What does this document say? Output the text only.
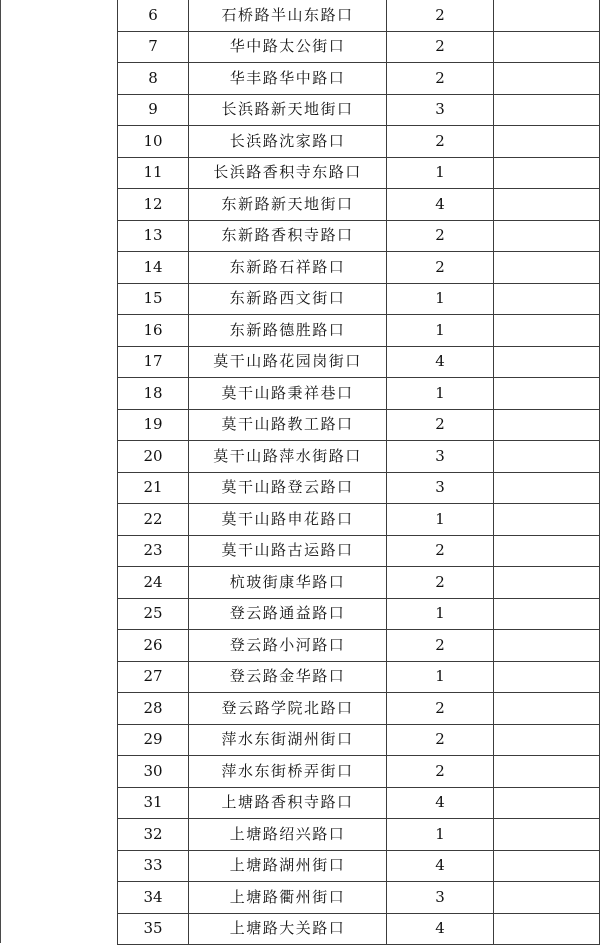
6	石桥路半山东路口	2	
7	华中路太公街口	2	
8	华丰路华中路口	2	
9	长浜路新天地街口	3	
10	长浜路沈家路口	2	
11	长浜路香积寺东路口	1	
12	东新路新天地街口	4	
13	东新路香积寺路口	2	
14	东新路石祥路口	2	
15	东新路西文街口	1	
16	东新路德胜路口	1	
17	莫干山路花园岗街口	4	
18	莫干山路秉祥巷口	1	
19	莫干山路教工路口	2	
20	莫干山路萍水街路口	3	
21	莫干山路登云路口	3	
22	莫干山路申花路口	1	
23	莫干山路古运路口	2	
24	杭玻街康华路口	2	
25	登云路通益路口	1	
26	登云路小河路口	2	
27	登云路金华路口	1	
28	登云路学院北路口	2	
29	萍水东街湖州街口	2	
30	萍水东街桥弄街口	2	
31	上塘路香积寺路口	4	
32	上塘路绍兴路口	1	
33	上塘路湖州街口	4	
34	上塘路衢州街口	3	
35	上塘路大关路口	4	
